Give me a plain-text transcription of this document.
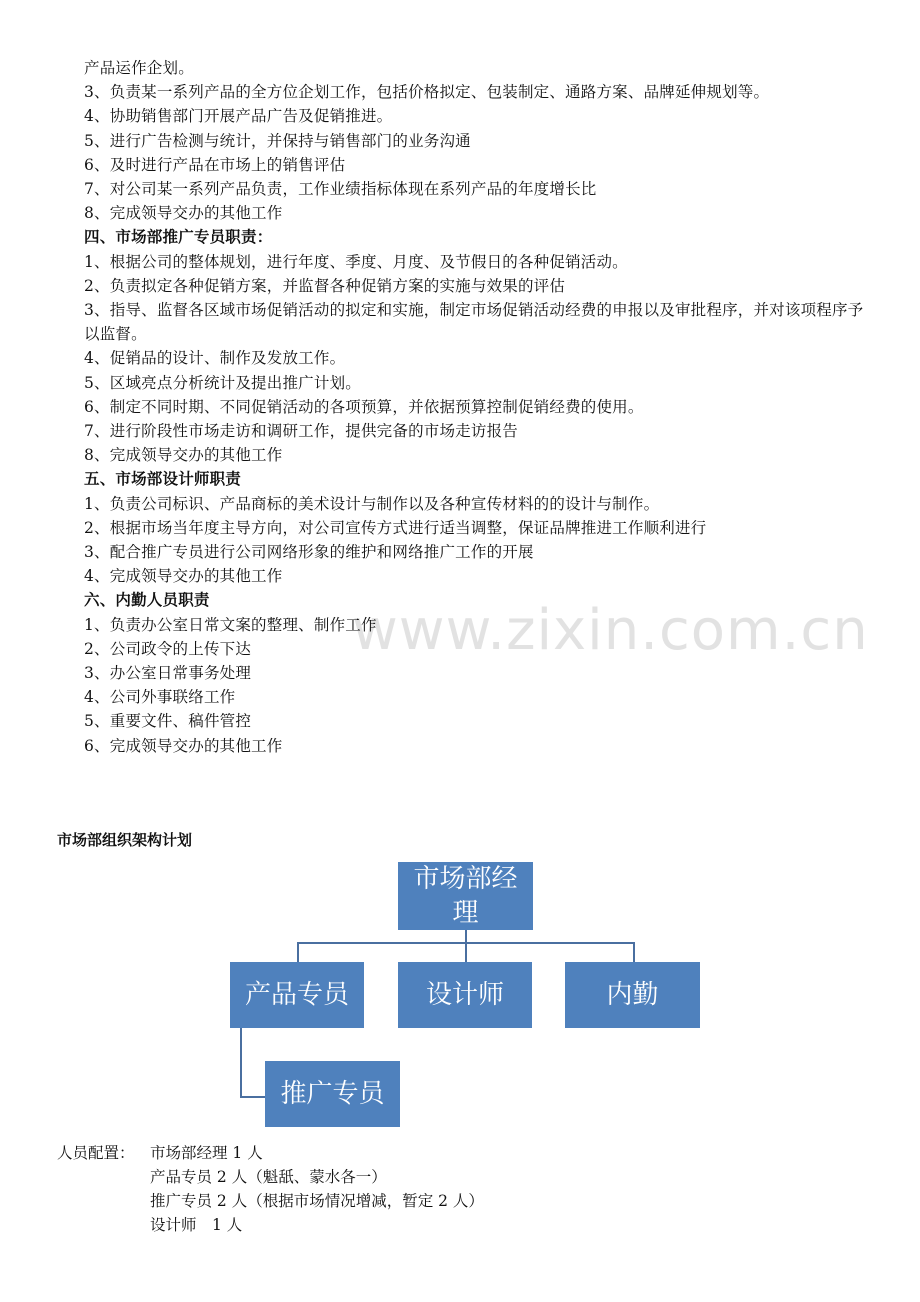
www.zixin.com.cn
产品运作企划。
3、负责某一系列产品的全方位企划工作，包括价格拟定、包装制定、通路方案、品牌延伸规划等。
4、协助销售部门开展产品广告及促销推进。
5、进行广告检测与统计，并保持与销售部门的业务沟通
6、及时进行产品在市场上的销售评估
7、对公司某一系列产品负责，工作业绩指标体现在系列产品的年度增长比
8、完成领导交办的其他工作
四、市场部推广专员职责：
1、根据公司的整体规划，进行年度、季度、月度、及节假日的各种促销活动。
2、负责拟定各种促销方案，并监督各种促销方案的实施与效果的评估
3、指导、监督各区域市场促销活动的拟定和实施，制定市场促销活动经费的申报以及审批程序，并对该项程序予以监督。
4、促销品的设计、制作及发放工作。
5、区域亮点分析统计及提出推广计划。
6、制定不同时期、不同促销活动的各项预算，并依据预算控制促销经费的使用。
7、进行阶段性市场走访和调研工作，提供完备的市场走访报告
8、完成领导交办的其他工作
五、市场部设计师职责
1、负责公司标识、产品商标的美术设计与制作以及各种宣传材料的的设计与制作。
2、根据市场当年度主导方向，对公司宣传方式进行适当调整，保证品牌推进工作顺利进行
3、配合推广专员进行公司网络形象的维护和网络推广工作的开展
4、完成领导交办的其他工作
六、内勤人员职责
1、负责办公室日常文案的整理、制作工作
2、公司政令的上传下达
3、办公室日常事务处理
4、公司外事联络工作
5、重要文件、稿件管控
6、完成领导交办的其他工作
市场部组织架构计划
市场部经理
产品专员	设计师	内勤
推广专员
人员配置： 市场部经理 1 人
产品专员 2 人（魁舐、蒙水各一）
推广专员 2 人（根据市场情况增减，暂定 2 人）
设计师　1 人
